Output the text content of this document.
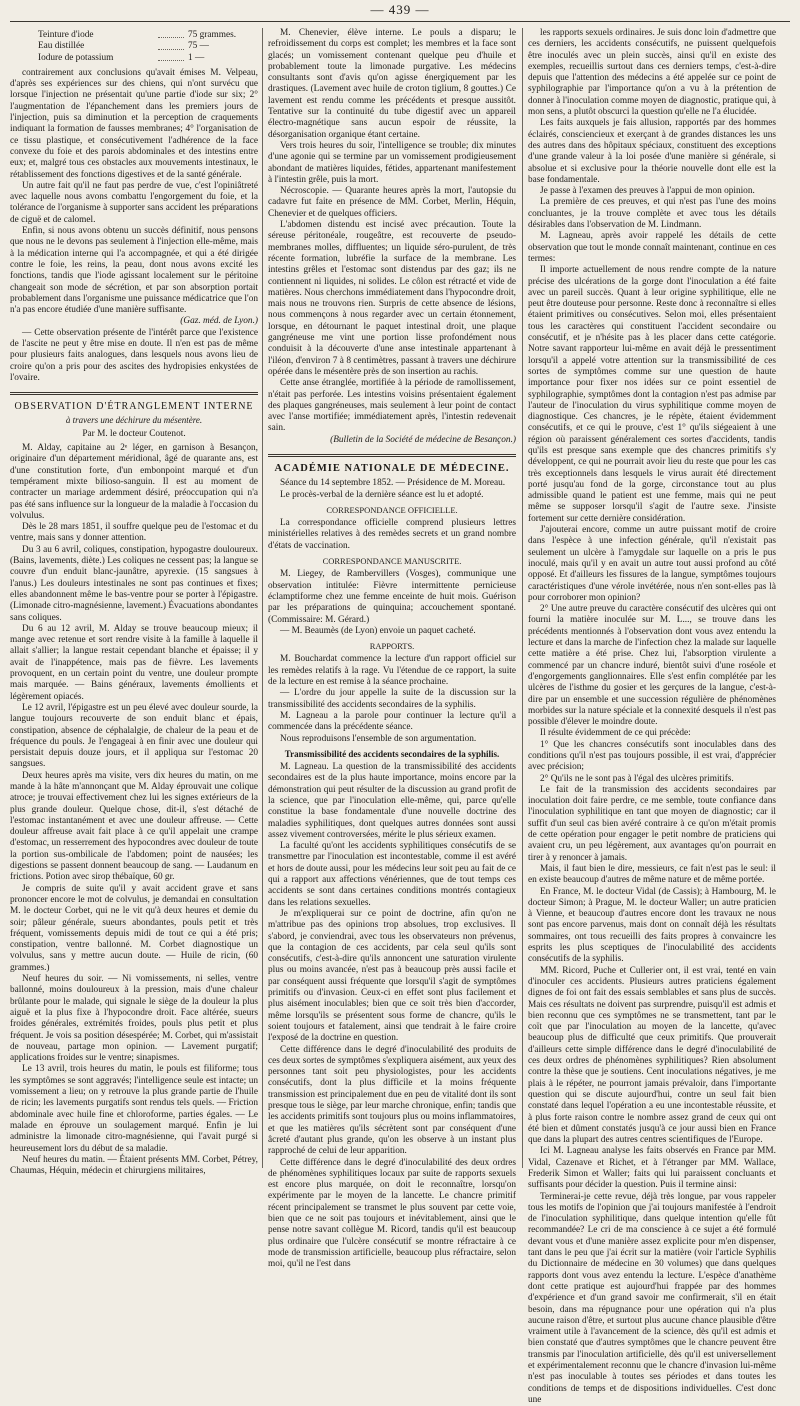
— 439 —
Teinture d'iode	75 grammes.
Eau distillée	75 —
Iodure de potassium	1 —

contrairement aux conclusions qu'avait émises M. Velpeau, d'après ses expériences sur des chiens, qui n'ont survécu que lorsque l'injection ne présentait qu'une partie d'iode sur six; 2° l'augmentation de l'épanchement dans les premiers jours de l'injection, puis sa diminution et la perception de craquements indiquant la formation de fausses membranes; 4° l'organisation de ce tissu plastique, et consécutivement l'adhérence de la face convexe du foie et des parois abdominales et des intestins entre eux; et, malgré tous ces obstacles aux mouvements intestinaux, le rétablissement des fonctions digestives et de la santé générale.

Un autre fait qu'il ne faut pas perdre de vue, c'est l'opiniâtreté avec laquelle nous avons combattu l'engorgement du foie, et la tolérance de l'organisme à supporter sans accident les préparations de ciguë et de calomel.

Enfin, si nous avons obtenu un succès définitif, nous pensons que nous ne le devons pas seulement à l'injection elle-même, mais à la médication interne qui l'a accompagnée, et qui a été dirigée contre le foie, les reins, la peau, dont nous avons excité les fonctions, tandis que l'iode agissant localement sur le péritoine changeait son mode de sécrétion, et par son absorption portait probablement dans l'organisme une puissance médicatrice que l'on n'a pas encore étudiée d'une manière suffisante.

(Gaz. méd. de Lyon.)

— Cette observation présente de l'intérêt parce que l'existence de l'ascite ne peut y être mise en doute. Il n'en est pas de même pour plusieurs faits analogues, dans lesquels nous avons lieu de croire qu'on a pris pour des ascites des hydropisies enkystées de l'ovaire.

OBSERVATION D'ÉTRANGLEMENT INTERNE
à travers une déchirure du mésentère.
Par M. le docteur Coutenot.

M. Alday, capitaine au 2ᵉ léger, en garnison à Besançon, originaire d'un département méridional, âgé de quarante ans, est d'une constitution forte, d'un embonpoint marqué et d'un tempérament mixte bilioso-sanguin. Il est au moment de contracter un mariage ardemment désiré, préoccupation qui n'a pas été sans influence sur la longueur de la maladie à l'occasion du volvulus.

Dès le 28 mars 1851, il souffre quelque peu de l'estomac et du ventre, mais sans y donner attention.

Du 3 au 6 avril, coliques, constipation, hypogastre douloureux. (Bains, lavements, diète.) Les coliques ne cessent pas; la langue se couvre d'un enduit blanc-jaunâtre, apyrexie. (15 sangsues à l'anus.) Les douleurs intestinales ne sont pas continues et fixes; elles abandonnent même le bas-ventre pour se porter à l'épigastre. (Limonade citro-magnésienne, lavement.) Évacuations abondantes sans coliques.

Du 6 au 12 avril, M. Alday se trouve beaucoup mieux; il mange avec retenue et sort rendre visite à la famille à laquelle il allait s'allier; la langue restait cependant blanche et épaisse; il y avait de l'inappétence, mais pas de fièvre. Les lavements provoquent, en un certain point du ventre, une douleur prompte mais marquée. — Bains généraux, lavements émollients et légèrement opiacés.

Le 12 avril, l'épigastre est un peu élevé avec douleur sourde, la langue toujours recouverte de son enduit blanc et épais, constipation, absence de céphalalgie, de chaleur de la peau et de fréquence du pouls. Je l'engageai à en finir avec une douleur qui persistait depuis douze jours, et il appliqua sur l'estomac 20 sangsues.

Deux heures après ma visite, vers dix heures du matin, on me mande à la hâte m'annonçant que M. Alday éprouvait une colique atroce; je trouvai effectivement chez lui les signes extérieurs de la plus grande douleur. Quelque chose, dit-il, s'est détaché de l'estomac instantanément et avec une douleur affreuse. — Cette douleur affreuse avait fait place à ce qu'il appelait une crampe d'estomac, un resserrement des hypocondres avec douleur de toute la portion sus-ombilicale de l'abdomen; point de nausées; les digestions se passent donnent beaucoup de sang. — Laudanum en frictions. Potion avec sirop thébaïque, 60 gr.

Je compris de suite qu'il y avait accident grave et sans prononcer encore le mot de colvulus, je demandai en consultation M. le docteur Corbet, qui ne le vit qu'à deux heures et demie du soir; pâleur générale, sueurs abondantes, pouls petit et très fréquent, vomissements depuis midi de tout ce qui a été pris; constipation, ventre ballonné. M. Corbet diagnostique un volvulus, sans y mettre aucun doute. — Huile de ricin, (60 grammes.)

Neuf heures du soir. — Ni vomissements, ni selles, ventre ballonné, moins douloureux à la pression, mais d'une chaleur brûlante pour le malade, qui signale le siège de la douleur la plus aiguë et la plus fixe à l'hypocondre droit. Face altérée, sueurs froides générales, extrémités froides, pouls plus petit et plus fréquent. Je vois sa position désespérée; M. Corbet, qui m'assistait de nouveau, partage mon opinion. — Lavement purgatif; applications froides sur le ventre; sinapismes.

Le 13 avril, trois heures du matin, le pouls est filiforme; tous les symptômes se sont aggravés; l'intelligence seule est intacte; un vomissement a lieu; on y retrouve la plus grande partie de l'huile de ricin; les lavements purgatifs sont rendus tels quels. — Friction abdominale avec huile fine et chloroforme, parties égales. — Le malade en éprouve un soulagement marqué. Enfin je lui administre la limonade citro-magnésienne, qui l'avait purgé si heureusement lors du début de sa maladie.

Neuf heures du matin. — Étaient présents MM. Corbet, Pétrey, Chaumas, Héquin, médecin et chirurgiens militaires,

M. Chenevier, élève interne. Le pouls a disparu; le refroidissement du corps est complet; les membres et la face sont glacés; un vomissement contenant quelque peu d'huile et probablement toute la limonade purgative. Les médecins consultants sont d'avis qu'on agisse énergiquement par les drastiques. (Lavement avec huile de croton tiglium, 8 gouttes.) Ce lavement est rendu comme les précédents et presque aussitôt. Tentative sur la continuité du tube digestif avec un appareil électro-magnétique sans aucun espoir de réussite, la désorganisation organique étant certaine.

Vers trois heures du soir, l'intelligence se trouble; dix minutes d'une agonie qui se termine par un vomissement prodigieusement abondant de matières liquides, fétides, appartenant manifestement à l'intestin grêle, puis la mort.

Nécroscopie. — Quarante heures après la mort, l'autopsie du cadavre fut faite en présence de MM. Corbet, Merlin, Héquin, Chenevier et de quelques officiers.

L'abdomen distendu est incisé avec précaution. Toute la séreuse péritonéale, rougeâtre, est recouverte de pseudo-membranes molles, diffluentes; un liquide séro-purulent, de très récente formation, lubréfie la surface de la membrane. Les intestins grêles et l'estomac sont distendus par des gaz; ils ne contiennent ni liquides, ni solides. Le côlon est rétracté et vide de matières. Nous cherchons immédiatement dans l'hypocondre droit, mais nous ne trouvons rien. Surpris de cette absence de lésions, nous commençons à nous regarder avec un certain étonnement, lorsque, en détournant le paquet intestinal droit, une plaque gangréneuse me vint une portion lisse profondément nous conduisit à la découverte d'une anse intestinale appartenant à l'iléon, d'environ 7 à 8 centimètres, passant à travers une déchirure opérée dans le mésentère près de son insertion au rachis.

Cette anse étranglée, mortifiée à la période de ramollissement, n'était pas perforée. Les intestins voisins présentaient également des plaques gangréneuses, mais seulement à leur point de contact avec l'anse mortifiée; immédiatement après, l'intestin redevenait sain.

(Bulletin de la Société de médecine de Besançon.)

ACADÉMIE NATIONALE DE MÉDECINE.

Séance du 14 septembre 1852. — Présidence de M. Moreau.

Le procès-verbal de la dernière séance est lu et adopté.

CORRESPONDANCE OFFICIELLE.

La correspondance officielle comprend plusieurs lettres ministérielles relatives à des remèdes secrets et un grand nombre d'états de vaccination.

CORRESPONDANCE MANUSCRITE.

M. Liegey, de Rambervillers (Vosges), communique une observation intitulée: Fièvre intermittente pernicieuse éclamptiforme chez une femme enceinte de huit mois. Guérison par les préparations de quinquina; accouchement spontané. (Commissaire: M. Gérard.)

— M. Beaumès (de Lyon) envoie un paquet cacheté.

RAPPORTS.

M. Bouchardat commence la lecture d'un rapport officiel sur les remèdes relatifs à la rage. Vu l'étendue de ce rapport, la suite de la lecture en est remise à la séance prochaine.

— L'ordre du jour appelle la suite de la discussion sur la transmissibilité des accidents secondaires de la syphilis.

M. Lagneau a la parole pour continuer la lecture qu'il a commencée dans la précédente séance.

Nous reproduisons l'ensemble de son argumentation.

Transmissibilité des accidents secondaires de la syphilis.

M. Lagneau. La question de la transmissibilité des accidents secondaires est de la plus haute importance, moins encore par la démonstration qui peut résulter de la discussion au grand profit de la science, que par l'inoculation elle-même, qui, parce qu'elle constitue la base fondamentale d'une nouvelle doctrine des maladies syphilitiques, dont quelques autres données sont aussi assez vivement controversées, mérite le plus sérieux examen.

La faculté qu'ont les accidents syphilitiques consécutifs de se transmettre par l'inoculation est incontestable, comme il est avéré et hors de doute aussi, pour les médecins leur soit peu au fait de ce qui a rapport aux affections vénériennes, que de tout temps ces accidents se sont dans certaines conditions montrés contagieux dans les relations sexuelles.

Je m'expliquerai sur ce point de doctrine, afin qu'on ne m'attribue pas des opinions trop absolues, trop exclusives. Il s'abord, je conviendrai, avec tous les observateurs non prévenus, que la contagion de ces accidents, par cela seul qu'ils sont consécutifs, c'est-à-dire qu'ils annoncent une saturation virulente plus ou moins avancée, n'est pas à beaucoup près aussi facile et par conséquent aussi fréquente que lorsqu'il s'agit de symptômes primitifs ou d'invasion. Ceux-ci en effet sont plus facilement et plus aisément inoculables; bien que ce soit très bien d'accorder, même lorsqu'ils se présentent sous forme de chancre, qu'ils le soient toujours et fatalement, ainsi que tendrait à le faire croire l'exposé de la doctrine en question.

Cette différence dans le degré d'inoculabilité des produits de ces deux sortes de symptômes s'expliquera aisément, aux yeux des personnes tant soit peu physiologistes, pour les accidents consécutifs, dont la plus difficile et la moins fréquente transmission est principalement due en peu de vitalité dont ils sont presque tous le siège, par leur marche chronique, enfin; tandis que les accidents primitifs sont toujours plus ou moins inflammatoires, et que les matières qu'ils sécrètent sont par conséquent d'une âcreté d'autant plus grande, qu'on les observe à un instant plus rapproché de celui de leur apparition.

Cette différence dans le degré d'inoculabilité des deux ordres de phénomènes syphilitiques locaux par suite de rapports sexuels est encore plus marquée, on doit le reconnaître, lorsqu'on expérimente par le moyen de la lancette. Le chancre primitif récent principalement se transmet le plus souvent par cette voie, bien que ce ne soit pas toujours et inévitablement, ainsi que le pense notre savant collègue M. Ricord, tandis qu'il est beaucoup plus ordinaire que l'ulcère consécutif se montre réfractaire à ce mode de transmission artificielle, beaucoup plus réfractaire, selon moi, qu'il ne l'est dans

les rapports sexuels ordinaires. Je suis donc loin d'admettre que ces derniers, les accidents consécutifs, ne puissent quelquefois être inoculés avec un plein succès, ainsi qu'il en existe des exemples, recueillis surtout dans ces derniers temps, c'est-à-dire depuis que l'attention des médecins a été appelée sur ce point de syphilographie par l'importance qu'on a vu à la prétention de donner à l'inoculation comme moyen de diagnostic, pratique qui, à mon sens, a plutôt obscurci la question qu'elle ne l'a élucidée.

Les faits auxquels je fais allusion, rapportés par des hommes éclairés, consciencieux et exerçant à de grandes distances les uns des autres dans des hôpitaux spéciaux, constituent des exceptions d'une grande valeur à la loi posée d'une manière si générale, si absolue et si exclusive pour la théorie nouvelle dont elle est la base fondamentale.

Je passe à l'examen des preuves à l'appui de mon opinion.

La première de ces preuves, et qui n'est pas l'une des moins concluantes, je la trouve complète et avec tous les détails désirables dans l'observation de M. Lindmann.

M. Lagneau, après avoir rappelé les détails de cette observation que tout le monde connaît maintenant, continue en ces termes:

Il importe actuellement de nous rendre compte de la nature précise des ulcérations de la gorge dont l'inoculation a été faite avec un pareil succès. Quant à leur origine syphilitique, elle ne peut être douteuse pour personne. Reste donc à reconnaître si elles étaient primitives ou consécutives. Selon moi, elles présentaient tous les caractères qui constituent l'accident secondaire ou consécutif, et je n'hésite pas à les placer dans cette catégorie. Notre savant rapporteur lui-même en avait déjà le pressentiment lorsqu'il a appelé votre attention sur la transmissibilité de ces sortes de symptômes comme sur une question de haute importance pour fixer nos idées sur ce point essentiel de syphilographie, symptômes dont la contagion n'est pas admise par l'auteur de l'inoculation du virus syphilitique comme moyen de diagnostique. Ces chancres, je le répète, étaient évidemment consécutifs, et ce qui le prouve, c'est 1° qu'ils siégeaient à une région où paraissent généralement ces sortes d'accidents, tandis qu'ils est presque sans exemple que des chancres primitifs s'y développent, ce qui ne pourrait avoir lieu du reste que pour les cas très exceptionnels dans lesquels le virus aurait été directement porté jusqu'au fond de la gorge, circonstance tout au plus admissible quand le patient est une femme, mais qui ne peut même se supposer lorsqu'il s'agit de l'autre sexe. J'insiste fortement sur cette dernière considération.

J'ajouterai encore, comme un autre puissant motif de croire dans l'espèce à une infection générale, qu'il n'existait pas seulement un ulcère à l'amygdale sur laquelle on a pris le pus inoculé, mais qu'il y en avait un autre tout aussi profond au côté opposé. Et d'ailleurs les fissures de la langue, symptômes toujours caractéristiques d'une vérole invétérée, nous n'en sont-elles pas là pour corroborer mon opinion?

2° Une autre preuve du caractère consécutif des ulcères qui ont fourni la matière inoculée sur M. L..., se trouve dans les précédents mentionnés à l'observation dont vous avez entendu la lecture et dans la marche de l'infection chez la malade sur laquelle cette matière a été prise. Chez lui, l'absorption virulente a commencé par un chancre induré, bientôt suivi d'une roséole et d'engorgements ganglionnaires. Elle s'est enfin complétée par les ulcères de l'isthme du gosier et les gerçures de la langue, c'est-à-dire par un ensemble et une succession régulière de phénomènes morbides sur la nature spéciale et la connexité desquels il n'est pas possible d'élever le moindre doute.

Il résulte évidemment de ce qui précède:

1° Que les chancres consécutifs sont inoculables dans des conditions qu'il n'est pas toujours possible, il est vrai, d'apprécier avec précision;

2° Qu'ils ne le sont pas à l'égal des ulcères primitifs.

Le fait de la transmission des accidents secondaires par inoculation doit faire perdre, ce me semble, toute confiance dans l'inoculation syphilitique en tant que moyen de diagnostic; car il suffit d'un seul cas bien avéré contraire à ce qu'on m'était promis de cette opération pour engager le petit nombre de praticiens qui avaient cru, un peu légèrement, aux avantages qu'on pourrait en tirer à y renoncer à jamais.

Mais, il faut bien le dire, messieurs, ce fait n'est pas le seul: il en existe beaucoup d'autres de même nature et de même portée.

En France, M. le docteur Vidal (de Cassis); à Hambourg, M. le docteur Simon; à Prague, M. le docteur Waller; un autre praticien à Vienne, et beaucoup d'autres encore dont les travaux ne nous sont pas encore parvenus, mais dont on connaît déjà les résultats sommaires, ont tous recueilli des faits propres à convaincre les esprits les plus sceptiques de l'inoculabilité des accidents consécutifs de la syphilis.

MM. Ricord, Puche et Cullerier ont, il est vrai, tenté en vain d'inoculer ces accidents. Plusieurs autres praticiens également dignes de foi ont fait des essais semblables et sans plus de succès. Mais ces résultats ne doivent pas surprendre, puisqu'il est admis et bien reconnu que ces symptômes ne se transmettent, tant par le coït que par l'inoculation au moyen de la lancette, qu'avec beaucoup plus de difficulté que ceux primitifs. Que prouverait d'ailleurs cette simple différence dans le degré d'inoculabilité de ces deux ordres de phénomènes syphilitiques? Rien absolument contre la thèse que je soutiens. Cent inoculations négatives, je me plais à le répéter, ne pourront jamais prévaloir, dans l'importante question qui se discute aujourd'hui, contre un seul fait bien constaté dans lequel l'opération a eu une incontestable réussite, et à plus forte raison contre le nombre assez grand de ceux qui ont été bien et dûment constatés jusqu'à ce jour aussi bien en France que dans la plupart des autres centres scientifiques de l'Europe.

Ici M. Lagneau analyse les faits observés en France par MM. Vidal, Cazenave et Richet, et à l'étranger par MM. Wallace, Frederik Simon et Waller; faits qui lui paraissent concluants et suffisants pour décider la question. Puis il termine ainsi:

Terminerai-je cette revue, déjà très longue, par vous rappeler tous les motifs de l'opinion que j'ai toujours manifestée à l'endroit de l'inoculation syphilitique, dans quelque intention qu'elle fût recommandée? Le cri de ma conscience à ce sujet a été formulé devant vous et d'une manière assez explicite pour m'en dispenser, tant dans le peu que j'ai écrit sur la matière (voir l'article Syphilis du Dictionnaire de médecine en 30 volumes) que dans quelques rapports dont vous avez entendu la lecture. L'espèce d'anathème dont cette pratique est aujourd'hui frappée par des hommes d'expérience et d'un grand savoir me confirmerait, s'il en était besoin, dans ma répugnance pour une opération qui n'a plus aucune raison d'être, et surtout plus aucune chance plausible d'être vraiment utile à l'avancement de la science, dès qu'il est admis et bien constaté que d'autres symptômes que le chancre peuvent être transmis par l'inoculation artificielle, dès qu'il est universellement et expérimentalement reconnu que le chancre d'invasion lui-même n'est pas inoculable à toutes ses périodes et dans toutes les conditions de temps et de dispositions individuelles. C'est donc une
